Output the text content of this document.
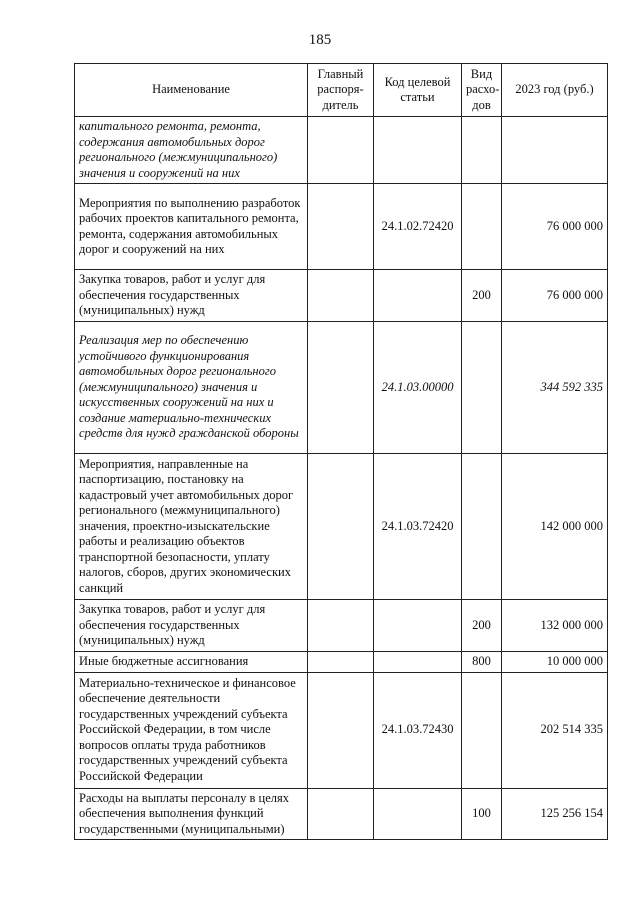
185
Наименование	Главный распоря-дитель	Код целевой статьи	Вид расхо-дов	2023 год (руб.)
капитального ремонта, ремонта, содержания автомобильных дорог регионального (межмуниципального) значения и сооружений на них				
Мероприятия по выполнению разработок рабочих проектов капитального ремонта, ремонта, содержания автомобильных дорог и сооружений на них		24.1.02.72420		76 000 000
Закупка товаров, работ и услуг для обеспечения государственных (муниципальных) нужд			200	76 000 000
Реализация мер по обеспечению устойчивого функционирования автомобильных дорог регионального (межмуниципального) значения и искусственных сооружений на них и создание материально-технических средств для нужд гражданской обороны		24.1.03.00000		344 592 335
Мероприятия, направленные на паспортизацию, постановку на кадастровый учет автомобильных дорог регионального (межмуниципального) значения, проектно-изыскательские работы и реализацию объектов транспортной безопасности, уплату налогов, сборов, других экономических санкций		24.1.03.72420		142 000 000
Закупка товаров, работ и услуг для обеспечения государственных (муниципальных) нужд			200	132 000 000
Иные бюджетные ассигнования			800	10 000 000
Материально-техническое и финансовое обеспечение деятельности государственных учреждений субъекта Российской Федерации, в том числе вопросов оплаты труда работников государственных учреждений субъекта Российской Федерации		24.1.03.72430		202 514 335
Расходы на выплаты персоналу в целях обеспечения выполнения функций государственными (муниципальными)			100	125 256 154
